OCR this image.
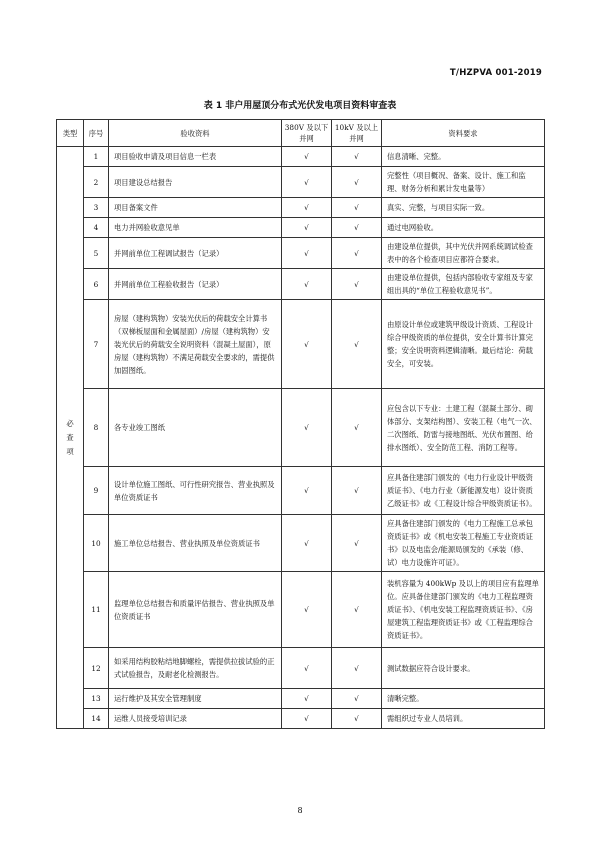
T/HZPVA 001-2019
表 1 非户用屋顶分布式光伏发电项目资料审查表
类型	序号	验收资料	380V 及以下并网	10kV 及以上并网	资料要求
必查项	1	项目验收申请及项目信息一栏表	√	√	信息清晰、完整。
	2	项目建设总结报告	√	√	完整性（项目概况、备案、设计、施工和监理、财务分析和累计发电量等）
	3	项目备案文件	√	√	真实、完整，与项目实际一致。
	4	电力并网验收意见单	√	√	通过电网验收。
	5	并网前单位工程调试报告（记录）	√	√	由建设单位提供，其中光伏并网系统调试检查表中的各个检查项目应都符合要求。
	6	并网前单位工程验收报告（记录）	√	√	由建设单位提供，包括内部验收专家组及专家组出具的“单位工程验收意见书”。
	7	房屋（建构筑物）安装光伏后的荷载安全计算书（双梯板屋面和金属屋面）/房屋（建构筑物）安装光伏后的荷载安全说明资料（混凝土屋面），原房屋（建构筑物）不满足荷载安全要求的，需提供加固图纸。	√	√	由原设计单位或建筑甲级设计资质、工程设计综合甲级资质的单位提供，安全计算书计算完整；安全说明资料逻辑清晰。最后结论：荷载安全，可安装。
	8	各专业竣工图纸	√	√	应包含以下专业：土建工程（混凝土部分、砌体部分、支架结构图）、安装工程（电气一次、二次图纸、防雷与接地图纸、光伏布置图、给排水图纸）、安全防范工程、消防工程等。
	9	设计单位施工图纸、可行性研究报告、营业执照及单位资质证书	√	√	应具备住建部门颁发的《电力行业设计甲级资质证书》、《电力行业（新能源发电）设计资质乙级证书》或《工程设计综合甲级资质证书》。
	10	施工单位总结报告、营业执照及单位资质证书	√	√	应具备住建部门颁发的《电力工程施工总承包资质证书》或《机电安装工程施工专业资质证书》以及电监会/能源局颁发的《承装（修、试）电力设施许可证》。
	11	监理单位总结报告和质量评估报告、营业执照及单位资质证书	√	√	装机容量为 400kWp 及以上的项目应有监理单位。应具备住建部门颁发的《电力工程监理资质证书》、《机电安装工程监理资质证书》、《房屋建筑工程监理资质证书》或《工程监理综合资质证书》。
	12	如采用结构胶粘结地脚螺栓，需提供拉拔试验的正式试验报告，及耐老化检测报告。	√	√	测试数据应符合设计要求。
	13	运行维护及其安全管理制度	√	√	清晰完整。
	14	运维人员接受培训记录	√	√	需组织过专业人员培训。
8
